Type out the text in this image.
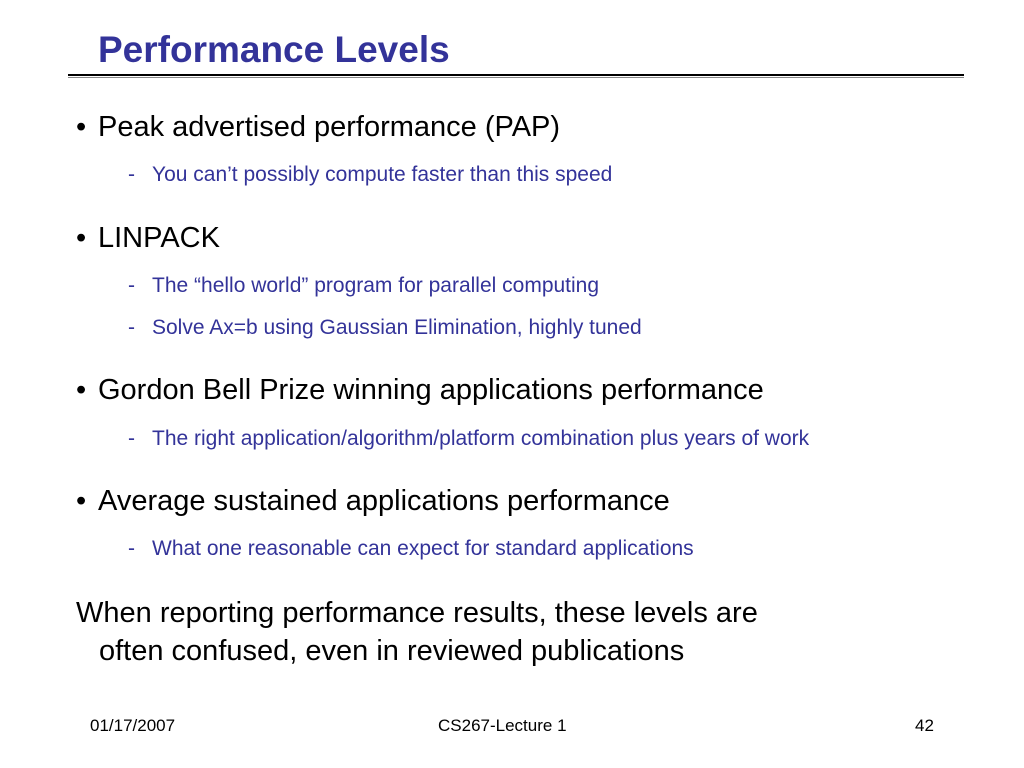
Performance Levels
• Peak advertised performance (PAP)
- You can’t possibly compute faster than this speed
• LINPACK
- The “hello world” program for parallel computing
- Solve Ax=b using Gaussian Elimination, highly tuned
• Gordon Bell Prize winning applications performance
- The right application/algorithm/platform combination plus years of work
• Average sustained applications performance
- What one reasonable can expect for standard applications
When reporting performance results, these levels are
often confused, even in reviewed publications
01/17/2007	CS267-Lecture 1	42
